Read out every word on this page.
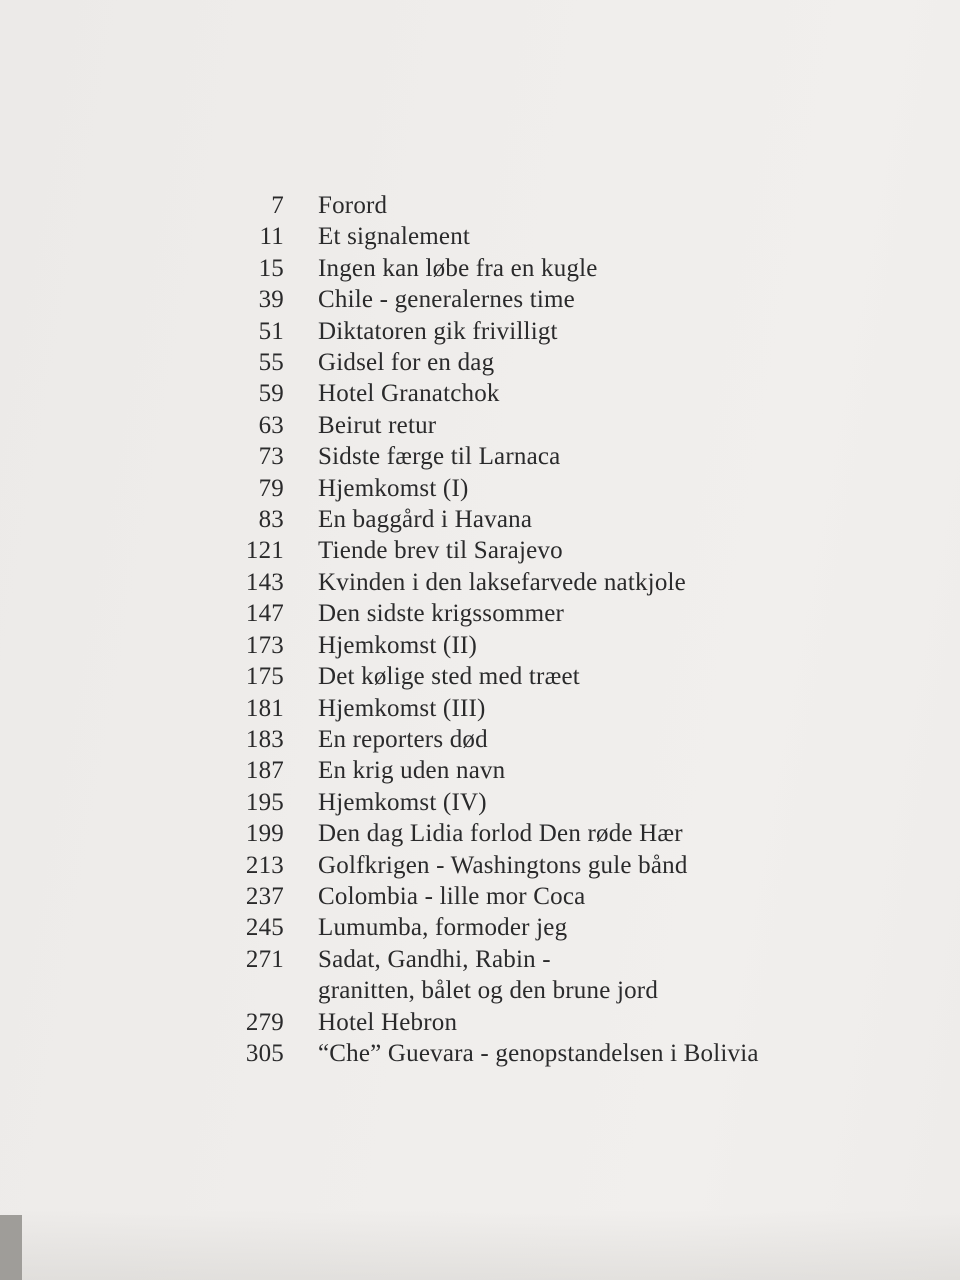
7	Forord
11	Et signalement
15	Ingen kan løbe fra en kugle
39	Chile - generalernes time
51	Diktatoren gik frivilligt
55	Gidsel for en dag
59	Hotel Granatchok
63	Beirut retur
73	Sidste færge til Larnaca
79	Hjemkomst (I)
83	En baggård i Havana
121	Tiende brev til Sarajevo
143	Kvinden i den laksefarvede natkjole
147	Den sidste krigssommer
173	Hjemkomst (II)
175	Det kølige sted med træet
181	Hjemkomst (III)
183	En reporters død
187	En krig uden navn
195	Hjemkomst (IV)
199	Den dag Lidia forlod Den røde Hær
213	Golfkrigen - Washingtons gule bånd
237	Colombia - lille mor Coca
245	Lumumba, formoder jeg
271	Sadat, Gandhi, Rabin -
granitten, bålet og den brune jord
279	Hotel Hebron
305	“Che” Guevara - genopstandelsen i Bolivia
